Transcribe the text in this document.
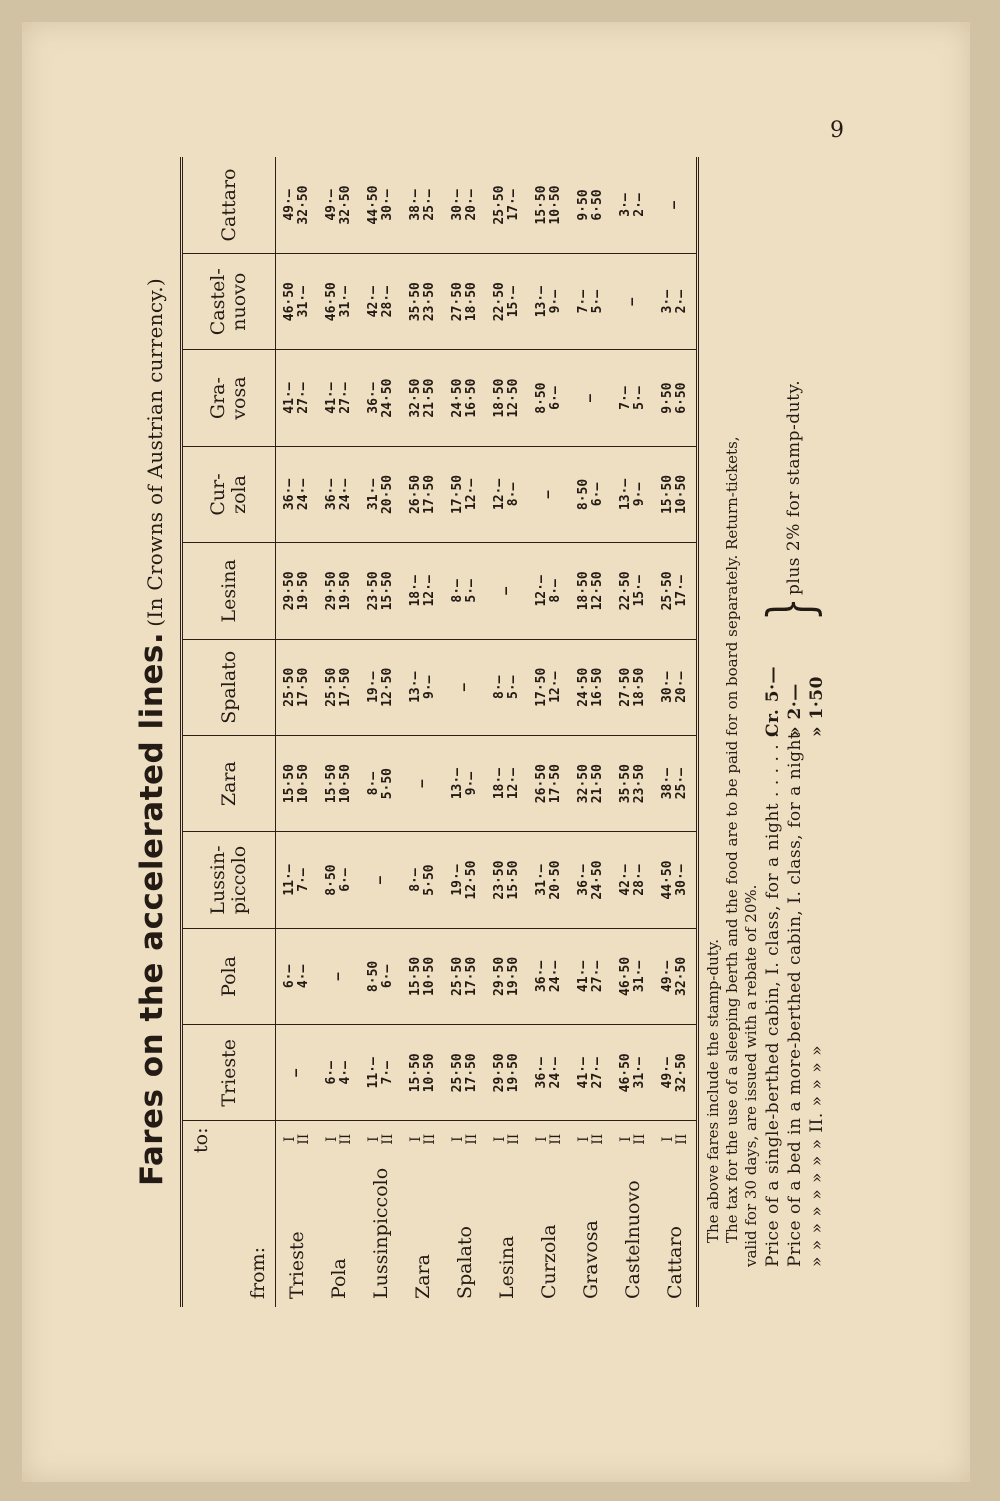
9
Fares on the accelerated lines. (In Crowns of Austrian currency.)
from:	to:	Trieste	Pola	Lussin- piccolo	Zara	Spalato	Lesina	Cur- zola	Gra- vosa	Castel- nuovo	Cattaro

Trieste	I
II	—	6·— 4·—	11·— 7·—	15·50 10·50	25·50 17·50	29·50 19·50	36·— 24·—	41·— 27·—	46·50 31·—	49·— 32·50

Pola	I
II	6·— 4·—	—	8·50 6·—	15·50 10·50	25·50 17·50	29·50 19·50	36·— 24·—	41·— 27·—	46·50 31·—	49·— 32·50

Lussinpiccolo	I
II	11·— 7·—	8·50 6·—	—	8·— 5·50	19·— 12·50	23·50 15·50	31·— 20·50	36·— 24·50	42·— 28·—	44·50 30·—

Zara	I
II	15·50 10·50	15·50 10·50	8·— 5·50	—	13·— 9·—	18·— 12·—	26·50 17·50	32·50 21·50	35·50 23·50	38·— 25·—

Spalato	I
II	25·50 17·50	25·50 17·50	19·— 12·50	13·— 9·—	—	8·— 5·—	17·50 12·—	24·50 16·50	27·50 18·50	30·— 20·—

Lesina	I
II	29·50 19·50	29·50 19·50	23·50 15·50	18·— 12·—	8·— 5·—	—	12·— 8·—	18·50 12·50	22·50 15·—	25·50 17·—

Curzola	I
II	36·— 24·—	36·— 24·—	31·— 20·50	26·50 17·50	17·50 12·—	12·— 8·—	—	8·50 6·—	13·— 9·—	15·50 10·50

Gravosa	I
II	41·— 27·—	41·— 27·—	36·— 24·50	32·50 21·50	24·50 16·50	18·50 12·50	8·50 6·—	—	7·— 5·—	9·50 6·50

Castelnuovo	I
II	46·50 31·—	46·50 31·—	42·— 28·—	35·50 23·50	27·50 18·50	22·50 15·—	13·— 9·—	7·— 5·—	—	3·— 2·—

Cattaro	I
II	49·— 32·50	49·— 32·50	44·50 30·—	38·— 25·—	30·— 20·—	25·50 17·—	15·50 10·50	9·50 6·50	3·— 2·—	—

The above fares include the stamp-duty. The tax for the use of a sleeping berth and the food are to be paid for on board separately. Return-tickets, valid for 30 days, are issued with a rebate of 20%. Price of a single-berthed cabin, I. class, for a night . . . . . . Price of a bed in a more-berthed cabin, I. class, for a night » » » » » » » » II. » » » »
Cr. 5·— » 2·— » 1·50
}
plus 2% for stamp-duty.
